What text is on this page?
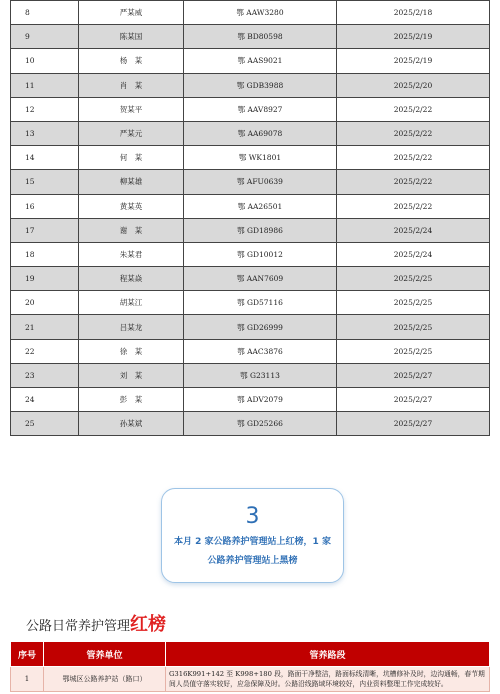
8	严某威	鄂 AAW3280	2025/2/18
9	陈某国	鄂 BD80598	2025/2/19
10	杨　某	鄂 AAS9021	2025/2/19
11	肖　某	鄂 GDB3988	2025/2/20
12	贺某平	鄂 AAV8927	2025/2/22
13	严某元	鄂 AA69078	2025/2/22
14	何　某	鄂 WK1801	2025/2/22
15	柳某雄	鄂 AFU0639	2025/2/22
16	黄某英	鄂 AA26501	2025/2/22
17	谢　某	鄂 GD18986	2025/2/24
18	朱某君	鄂 GD10012	2025/2/24
19	程某焱	鄂 AAN7609	2025/2/25
20	胡某江	鄂 GD57116	2025/2/25
21	吕某龙	鄂 GD26999	2025/2/25
22	徐　某	鄂 AAC3876	2025/2/25
23	刘　某	鄂 G23113	2025/2/27
24	彭　某	鄂 ADV2079	2025/2/27
25	孙某斌	鄂 GD25266	2025/2/27
3
本月 2 家公路养护管理站上红榜，1 家
公路养护管理站上黑榜
公路日常养护管理红榜
序号	管养单位	管养路段
1	鄂城区公路养护站（路口）	G316K991+142 至 K998+180 段，路面干净整洁，路面标线清晰，坑槽修补及时，边沟通畅，春节期间人员值守落实较好，应急保障及时。公路沿线路域环境较好，内业资料整理工作完成较好。
